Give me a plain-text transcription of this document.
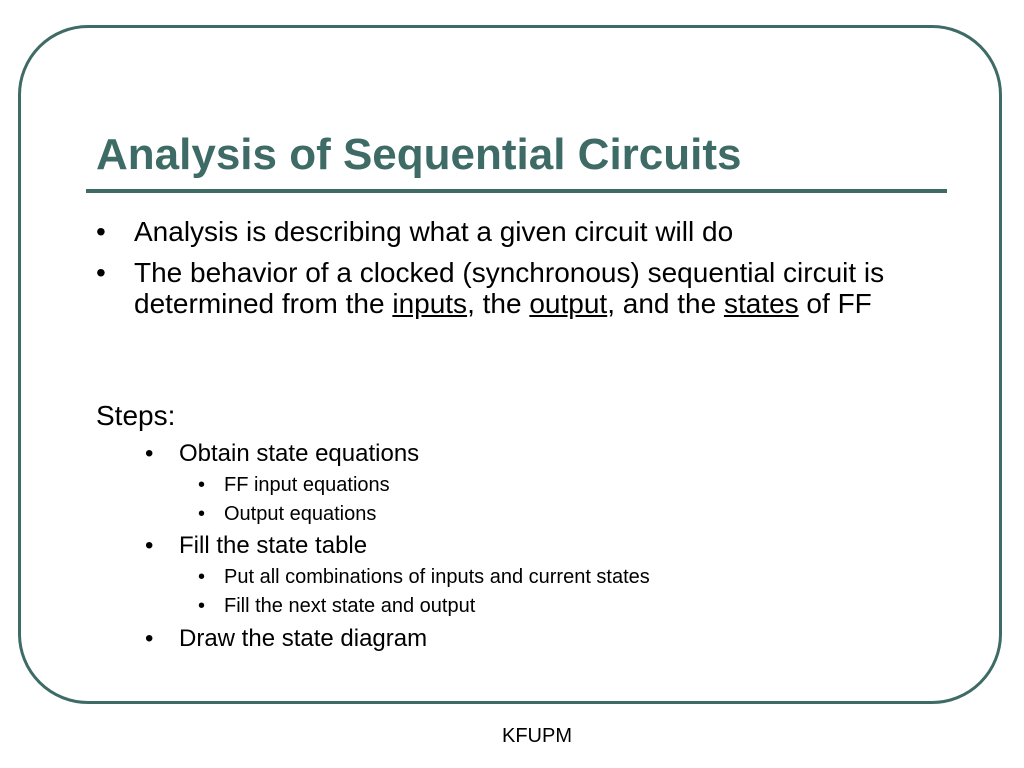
Analysis of Sequential Circuits
• Analysis is describing what a given circuit will do
• The behavior of a clocked (synchronous) sequential circuit is determined from the inputs, the output, and the states of FF
Steps:
• Obtain state equations
• FF input equations
• Output equations
• Fill the state table
• Put all combinations of inputs and current states
• Fill the next state and output
• Draw the state diagram
KFUPM
